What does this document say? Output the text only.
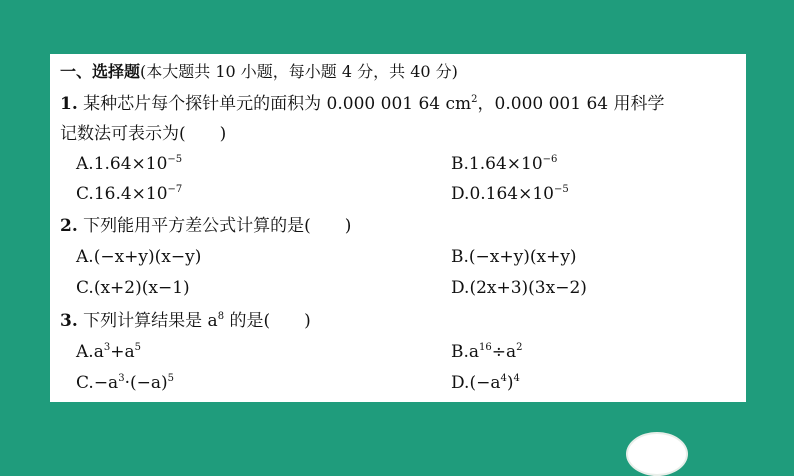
一、选择题(本大题共 10 小题，每小题 4 分，共 40 分)
1. 某种芯片每个探针单元的面积为 0.000 001 64 $cm^2$，0.000 001 64 用科学
记数法可表示为(　　)
$A.1.64\times 10^{-5}$	$B.1.64\times 10^{-6}$
$C.16.4\times 10^{-7}$	$D.0.164\times 10^{-5}$
2. 下列能用平方差公式计算的是(　　)
A.(−x+y)(x−y)	B.(−x+y)(x+y)
C.(x+2)(x−1)	D.(2x+3)(3x−2)
3. 下列计算结果是 $a^8$ 的是(　　)
$A.a^3+a^5$	$B.a^{16}\div a^2$
$C.-a^3\cdot(-a)^5$	$D.(-a^4)^4$
